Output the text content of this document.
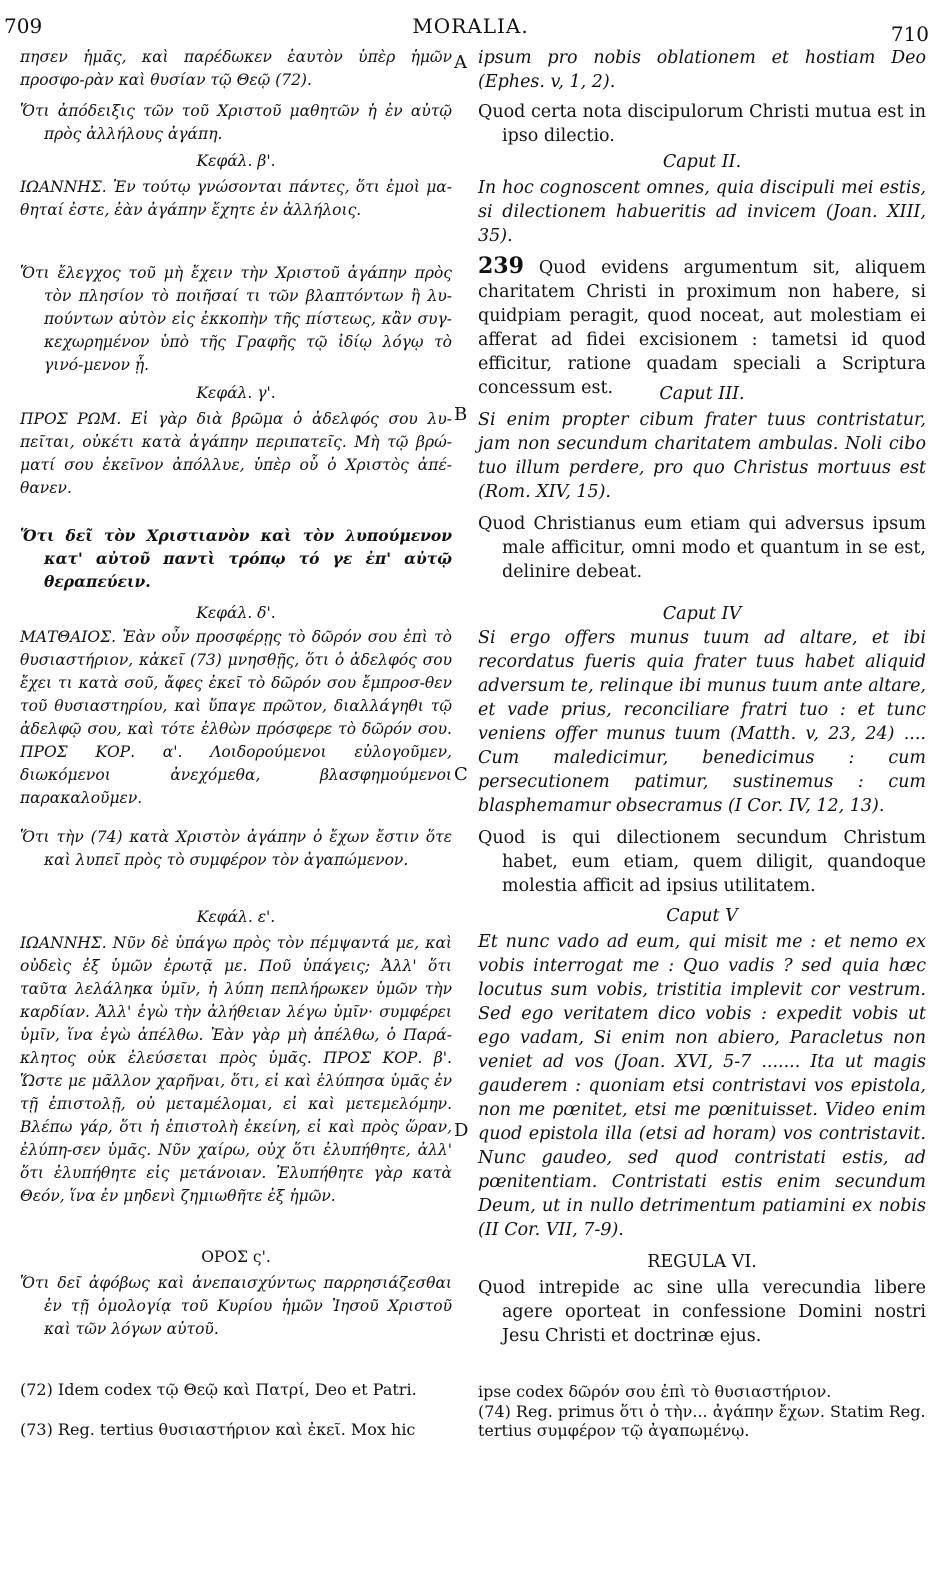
709	MORALIA.	710
A
B
C
D

πησεν ἡμᾶς, καὶ παρέδωκεν ἑαυτὸν ὑπὲρ ἡμῶν προσφο-ρὰν καὶ θυσίαν τῷ Θεῷ (72).

Ὅτι ἀπόδειξις τῶν τοῦ Χριστοῦ μαθητῶν ἡ ἐν αὐτῷ πρὸς ἀλλήλους ἀγάπη.

Κεφάλ. β'.

ΙΩΑΝΝΗΣ. Ἐν τούτῳ γνώσονται πάντες, ὅτι ἐμοὶ μα-θηταί ἐστε, ἐὰν ἀγάπην ἔχητε ἐν ἀλλήλοις.

Ὅτι ἔλεγχος τοῦ μὴ ἔχειν τὴν Χριστοῦ ἀγάπην πρὸς τὸν πλησίον τὸ ποιῆσαί τι τῶν βλαπτόντων ἢ λυ-πούντων αὐτὸν εἰς ἐκκοπὴν τῆς πίστεως, κἂν συγ-κεχωρημένον ὑπὸ τῆς Γραφῆς τῷ ἰδίῳ λόγῳ τὸ γινό-μενον ᾖ.

Κεφάλ. γ'.

ΠΡΟΣ ΡΩΜ. Εἰ γὰρ διὰ βρῶμα ὁ ἀδελφός σου λυ-πεῖται, οὐκέτι κατὰ ἀγάπην περιπατεῖς. Μὴ τῷ βρώ-ματί σου ἐκεῖνον ἀπόλλυε, ὑπὲρ οὗ ὁ Χριστὸς ἀπέ-θανεν.

Ὅτι δεῖ τὸν Χριστιανὸν καὶ τὸν λυπούμενον κατ' αὐτοῦ παντὶ τρόπῳ τό γε ἐπ' αὐτῷ θεραπεύειν.

Κεφάλ. δ'.

ΜΑΤΘΑΙΟΣ. Ἐὰν οὖν προσφέρῃς τὸ δῶρόν σου ἐπὶ τὸ θυσιαστήριον, κἀκεῖ (73) μνησθῇς, ὅτι ὁ ἀδελφός σου ἔχει τι κατὰ σοῦ, ἄφες ἐκεῖ τὸ δῶρόν σου ἔμπροσ-θεν τοῦ θυσιαστηρίου, καὶ ὕπαγε πρῶτον, διαλλάγηθι τῷ ἀδελφῷ σου, καὶ τότε ἐλθὼν πρόσφερε τὸ δῶρόν σου. ΠΡΟΣ ΚΟΡ. α'. Λοιδορούμενοι εὐλογοῦμεν, διωκόμενοι ἀνεχόμεθα, βλασφημούμενοι παρακαλοῦμεν.

Ὅτι τὴν (74) κατὰ Χριστὸν ἀγάπην ὁ ἔχων ἔστιν ὅτε καὶ λυπεῖ πρὸς τὸ συμφέρον τὸν ἀγαπώμενον.

Κεφάλ. ε'.

ΙΩΑΝΝΗΣ. Νῦν δὲ ὑπάγω πρὸς τὸν πέμψαντά με, καὶ οὐδεὶς ἐξ ὑμῶν ἐρωτᾷ με. Ποῦ ὑπάγεις; Ἀλλ' ὅτι ταῦτα λελάληκα ὑμῖν, ἡ λύπη πεπλήρωκεν ὑμῶν τὴν καρδίαν. Ἀλλ' ἐγὼ τὴν ἀλήθειαν λέγω ὑμῖν· συμφέρει ὑμῖν, ἵνα ἐγὼ ἀπέλθω. Ἐὰν γὰρ μὴ ἀπέλθω, ὁ Παρά-κλητος οὐκ ἐλεύσεται πρὸς ὑμᾶς. ΠΡΟΣ ΚΟΡ. β'. Ὥστε με μᾶλλον χαρῆναι, ὅτι, εἰ καὶ ἐλύπησα ὑμᾶς ἐν τῇ ἐπιστολῇ, οὐ μεταμέλομαι, εἰ καὶ μετεμελόμην. Βλέπω γάρ, ὅτι ἡ ἐπιστολὴ ἐκείνη, εἰ καὶ πρὸς ὥραν, ἐλύπη-σεν ὑμᾶς. Νῦν χαίρω, οὐχ ὅτι ἐλυπήθητε, ἀλλ' ὅτι ἐλυπήθητε εἰς μετάνοιαν. Ἐλυπήθητε γὰρ κατὰ Θεόν, ἵνα ἐν μηδενὶ ζημιωθῆτε ἐξ ἡμῶν.

ΟΡΟΣ ς'.

Ὅτι δεῖ ἀφόβως καὶ ἀνεπαισχύντως παρρησιάζεσθαι ἐν τῇ ὁμολογίᾳ τοῦ Κυρίου ἡμῶν Ἰησοῦ Χριστοῦ καὶ τῶν λόγων αὐτοῦ.

(72) Idem codex τῷ Θεῷ καὶ Πατρί, Deo et Patri.

(73) Reg. tertius θυσιαστήριον καὶ ἐκεῖ. Mox hic

ipsum pro nobis oblationem et hostiam Deo (Ephes. v, 1, 2).

Quod certa nota discipulorum Christi mutua est in ipso dilectio.

Caput II.

In hoc cognoscent omnes, quia discipuli mei estis, si dilectionem habueritis ad invicem (Joan. XIII, 35).

239 Quod evidens argumentum sit, aliquem charitatem Christi in proximum non habere, si quidpiam peragit, quod noceat, aut molestiam ei afferat ad fidei excisionem : tametsi id quod efficitur, ratione quadam speciali a Scriptura concessum est.	Caput III.

Si enim propter cibum frater tuus contristatur, jam non secundum charitatem ambulas. Noli cibo tuo illum perdere, pro quo Christus mortuus est (Rom. XIV, 15).

Quod Christianus eum etiam qui adversus ipsum male afficitur, omni modo et quantum in se est, delinire debeat.

Caput IV

Si ergo offers munus tuum ad altare, et ibi recordatus fueris quia frater tuus habet aliquid adversum te, relinque ibi munus tuum ante altare, et vade prius, reconciliare fratri tuo : et tunc veniens offer munus tuum (Matth. v, 23, 24) .... Cum maledicimur, benedicimus : cum persecutionem patimur, sustinemus : cum blasphemamur obsecramus (I Cor. IV, 12, 13).

Quod is qui dilectionem secundum Christum habet, eum etiam, quem diligit, quandoque molestia afficit ad ipsius utilitatem.

Caput V

Et nunc vado ad eum, qui misit me : et nemo ex vobis interrogat me : Quo vadis ? sed quia hæc locutus sum vobis, tristitia implevit cor vestrum. Sed ego veritatem dico vobis : expedit vobis ut ego vadam, Si enim non abiero, Paracletus non veniet ad vos (Joan. XVI, 5-7 ....... Ita ut magis gauderem : quoniam etsi contristavi vos epistola, non me pœnitet, etsi me pœnituisset. Video enim quod epistola illa (etsi ad horam) vos contristavit. Nunc gaudeo, sed quod contristati estis, ad pœnitentiam. Contristati estis enim secundum Deum, ut in nullo detrimentum patiamini ex nobis (II Cor. VII, 7-9).

REGULA VI.

Quod intrepide ac sine ulla verecundia libere agere oporteat in confessione Domini nostri Jesu Christi et doctrinæ ejus.

ipse codex δῶρόν σου ἐπὶ τὸ θυσιαστήριον.

(74) Reg. primus ὅτι ὁ τὴν... ἀγάπην ἔχων. Statim Reg. tertius συμφέρον τῷ ἀγαπωμένῳ.
